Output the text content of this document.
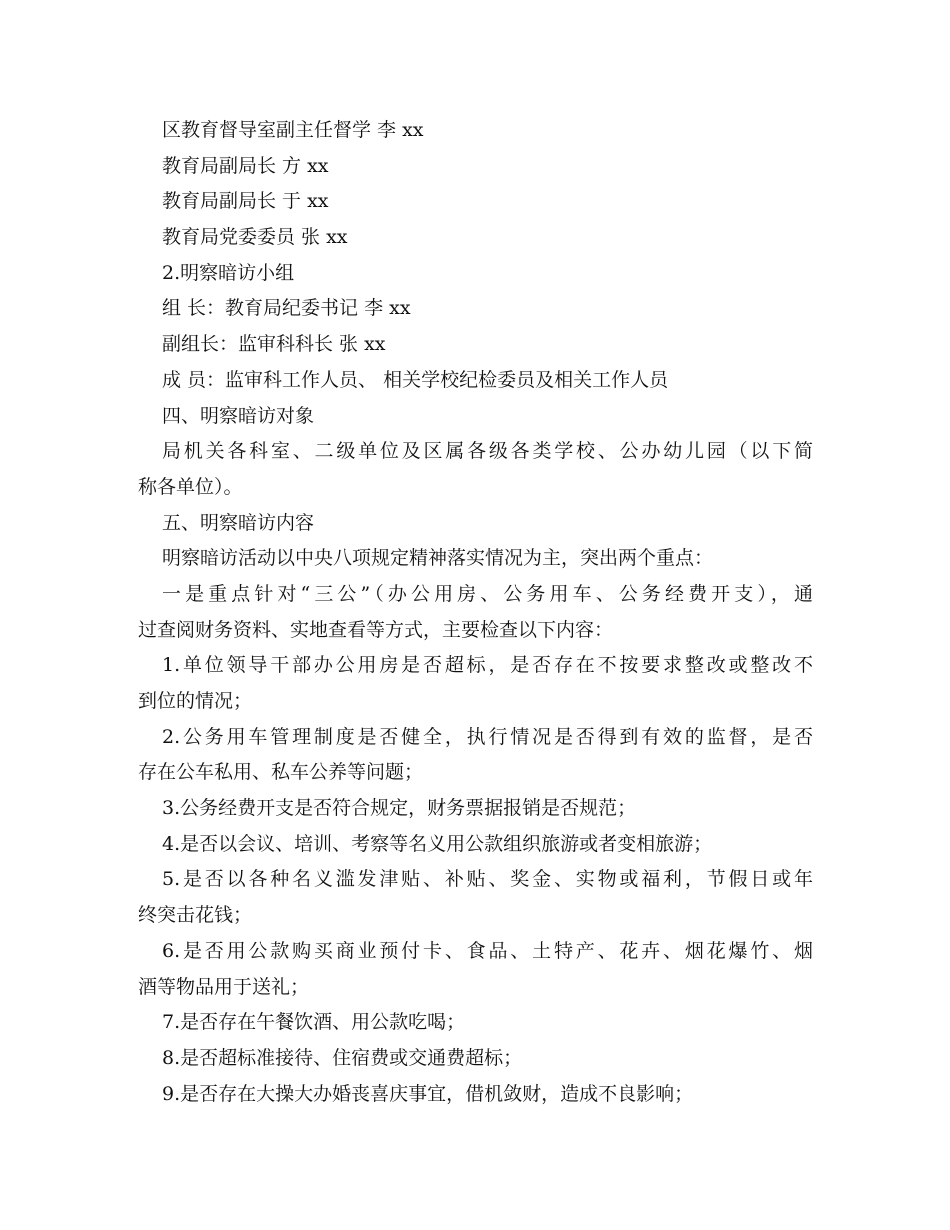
区教育督导室副主任督学 李 xx
教育局副局长 方 xx
教育局副局长 于 xx
教育局党委委员 张 xx
2.明察暗访小组
组 长：教育局纪委书记 李 xx
副组长：监审科科长 张 xx
成 员：监审科工作人员、 相关学校纪检委员及相关工作人员
四、明察暗访对象
局机关各科室、二级单位及区属各级各类学校、公办幼儿园（以下简
称各单位）。
五、明察暗访内容
明察暗访活动以中央八项规定精神落实情况为主，突出两个重点：
一是重点针对“三公”（办公用房、公务用车、公务经费开支），通
过查阅财务资料、实地查看等方式，主要检查以下内容：
1.单位领导干部办公用房是否超标，是否存在不按要求整改或整改不
到位的情况；
2.公务用车管理制度是否健全，执行情况是否得到有效的监督，是否
存在公车私用、私车公养等问题；
3.公务经费开支是否符合规定，财务票据报销是否规范；
4.是否以会议、培训、考察等名义用公款组织旅游或者变相旅游；
5.是否以各种名义滥发津贴、补贴、奖金、实物或福利，节假日或年
终突击花钱；
6.是否用公款购买商业预付卡、食品、土特产、花卉、烟花爆竹、烟
酒等物品用于送礼；
7.是否存在午餐饮酒、用公款吃喝；
8.是否超标准接待、住宿费或交通费超标；
9.是否存在大操大办婚丧喜庆事宜，借机敛财，造成不良影响；
